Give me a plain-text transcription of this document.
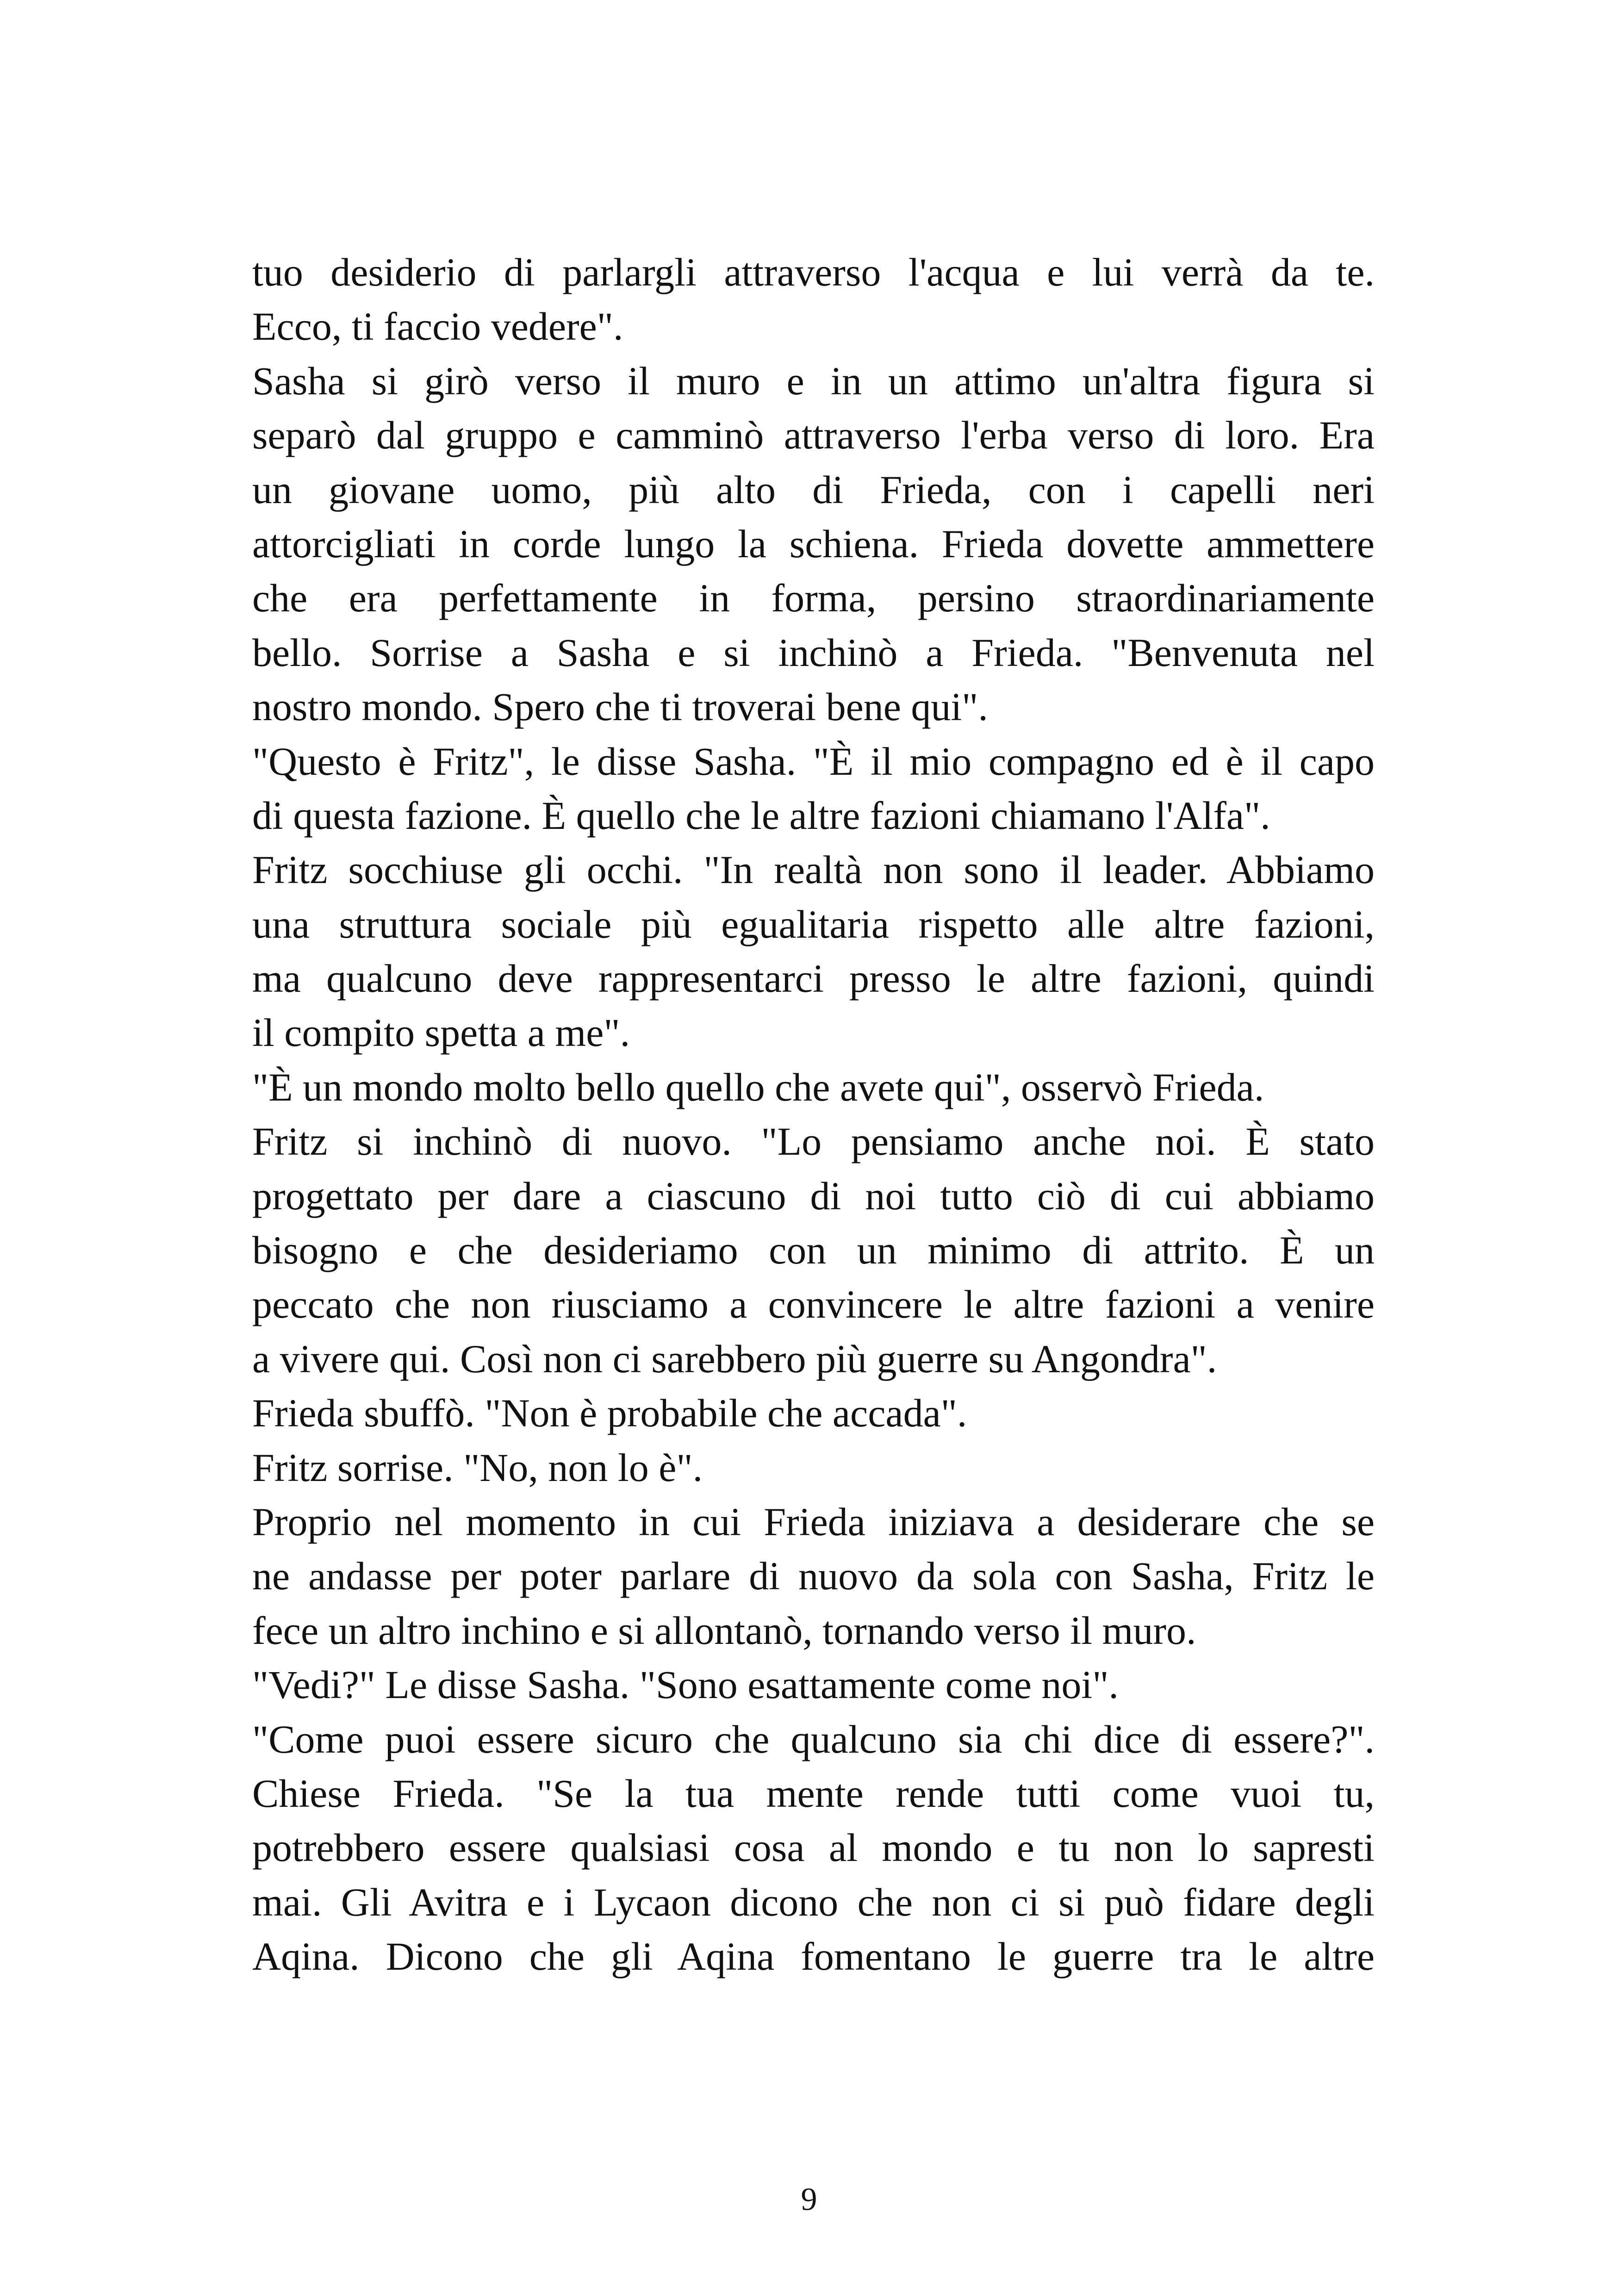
tuo desiderio di parlargli attraverso l'acqua e lui verrà da te.
Ecco, ti faccio vedere".
Sasha si girò verso il muro e in un attimo un'altra figura si
separò dal gruppo e camminò attraverso l'erba verso di loro. Era
un giovane uomo, più alto di Frieda, con i capelli neri
attorcigliati in corde lungo la schiena. Frieda dovette ammettere
che era perfettamente in forma, persino straordinariamente
bello. Sorrise a Sasha e si inchinò a Frieda. "Benvenuta nel
nostro mondo. Spero che ti troverai bene qui".
"Questo è Fritz", le disse Sasha. "È il mio compagno ed è il capo
di questa fazione. È quello che le altre fazioni chiamano l'Alfa".
Fritz socchiuse gli occhi. "In realtà non sono il leader. Abbiamo
una struttura sociale più egualitaria rispetto alle altre fazioni,
ma qualcuno deve rappresentarci presso le altre fazioni, quindi
il compito spetta a me".
"È un mondo molto bello quello che avete qui", osservò Frieda.
Fritz si inchinò di nuovo. "Lo pensiamo anche noi. È stato
progettato per dare a ciascuno di noi tutto ciò di cui abbiamo
bisogno e che desideriamo con un minimo di attrito. È un
peccato che non riusciamo a convincere le altre fazioni a venire
a vivere qui. Così non ci sarebbero più guerre su Angondra".
Frieda sbuffò. "Non è probabile che accada".
Fritz sorrise. "No, non lo è".
Proprio nel momento in cui Frieda iniziava a desiderare che se
ne andasse per poter parlare di nuovo da sola con Sasha, Fritz le
fece un altro inchino e si allontanò, tornando verso il muro.
"Vedi?" Le disse Sasha. "Sono esattamente come noi".
"Come puoi essere sicuro che qualcuno sia chi dice di essere?".
Chiese Frieda. "Se la tua mente rende tutti come vuoi tu,
potrebbero essere qualsiasi cosa al mondo e tu non lo sapresti
mai. Gli Avitra e i Lycaon dicono che non ci si può fidare degli
Aqina. Dicono che gli Aqina fomentano le guerre tra le altre
9
